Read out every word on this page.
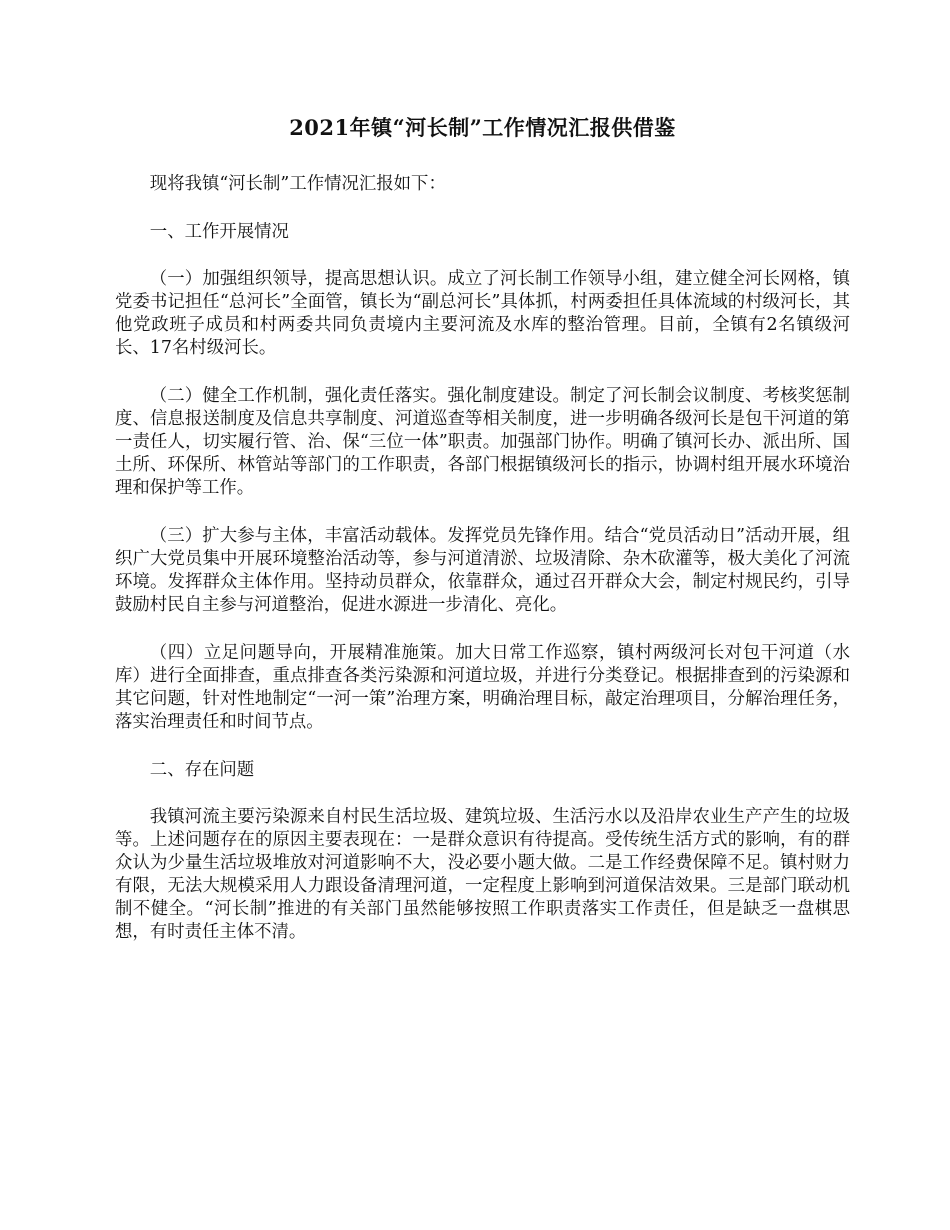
2021年镇“河长制”工作情况汇报供借鉴

现将我镇“河长制”工作情况汇报如下：

一、工作开展情况

（一）加强组织领导，提高思想认识。成立了河长制工作领导小组，建立健全河长网格，镇党委书记担任“总河长”全面管，镇长为“副总河长”具体抓，村两委担任具体流域的村级河长，其他党政班子成员和村两委共同负责境内主要河流及水库的整治管理。目前，全镇有2名镇级河长、17名村级河长。

（二）健全工作机制，强化责任落实。强化制度建设。制定了河长制会议制度、考核奖惩制度、信息报送制度及信息共享制度、河道巡查等相关制度，进一步明确各级河长是包干河道的第一责任人，切实履行管、治、保“三位一体”职责。加强部门协作。明确了镇河长办、派出所、国土所、环保所、林管站等部门的工作职责，各部门根据镇级河长的指示，协调村组开展水环境治理和保护等工作。

（三）扩大参与主体，丰富活动载体。发挥党员先锋作用。结合“党员活动日”活动开展，组织广大党员集中开展环境整治活动等，参与河道清淤、垃圾清除、杂木砍灌等，极大美化了河流环境。发挥群众主体作用。坚持动员群众，依靠群众，通过召开群众大会，制定村规民约，引导鼓励村民自主参与河道整治，促进水源进一步清化、亮化。

（四）立足问题导向，开展精准施策。加大日常工作巡察，镇村两级河长对包干河道（水库）进行全面排查，重点排查各类污染源和河道垃圾，并进行分类登记。根据排查到的污染源和其它问题，针对性地制定“一河一策”治理方案，明确治理目标，敲定治理项目，分解治理任务，落实治理责任和时间节点。

二、存在问题

我镇河流主要污染源来自村民生活垃圾、建筑垃圾、生活污水以及沿岸农业生产产生的垃圾等。上述问题存在的原因主要表现在：一是群众意识有待提高。受传统生活方式的影响，有的群众认为少量生活垃圾堆放对河道影响不大，没必要小题大做。二是工作经费保障不足。镇村财力有限，无法大规模采用人力跟设备清理河道，一定程度上影响到河道保洁效果。三是部门联动机制不健全。“河长制”推进的有关部门虽然能够按照工作职责落实工作责任，但是缺乏一盘棋思想，有时责任主体不清。
